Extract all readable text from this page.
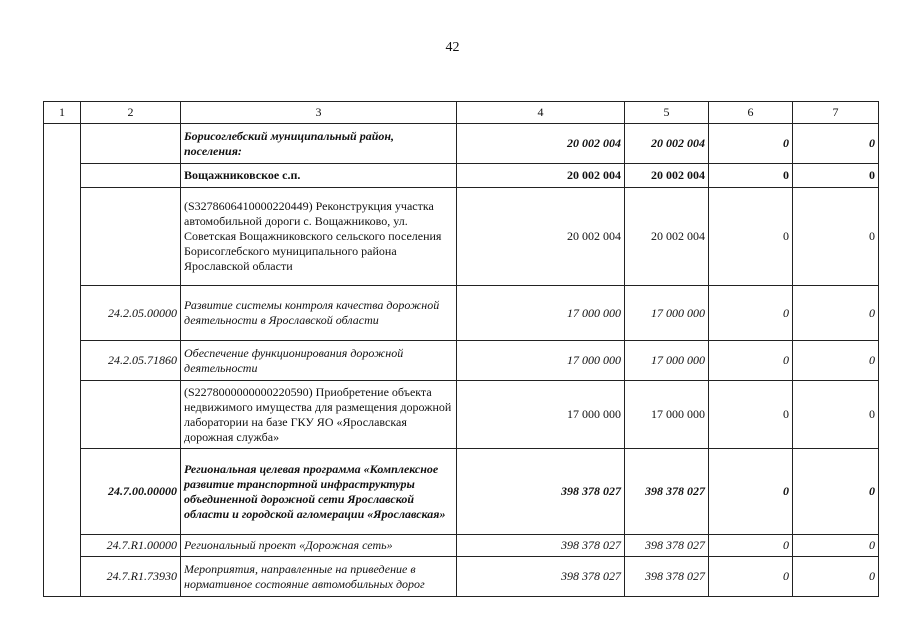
42
1	2	3	4	5	6	7
		Борисоглебский муниципальный район, поселения:	20 002 004	20 002 004	0	0
		Вощажниковское с.п.	20 002 004	20 002 004	0	0
		(S3278606410000220449) Реконструкция участка автомобильной дороги с. Вощажниково, ул. Советская Вощажниковского сельского поселения Борисоглебского муниципального района Ярославской области	20 002 004	20 002 004	0	0
	24.2.05.00000	Развитие системы контроля качества дорожной деятельности в Ярославской области	17 000 000	17 000 000	0	0
	24.2.05.71860	Обеспечение функционирования дорожной деятельности	17 000 000	17 000 000	0	0
		(S2278000000000220590) Приобретение объекта недвижимого имущества для размещения дорожной лаборатории на базе ГКУ ЯО «Ярославская дорожная служба»	17 000 000	17 000 000	0	0
	24.7.00.00000	Региональная целевая программа «Комплексное развитие транспортной инфраструктуры объединенной дорожной сети Ярославской области и городской агломерации «Ярославская»	398 378 027	398 378 027	0	0
	24.7.R1.00000	Региональный проект «Дорожная сеть»	398 378 027	398 378 027	0	0
	24.7.R1.73930	Мероприятия, направленные на приведение в нормативное состояние автомобильных дорог	398 378 027	398 378 027	0	0
